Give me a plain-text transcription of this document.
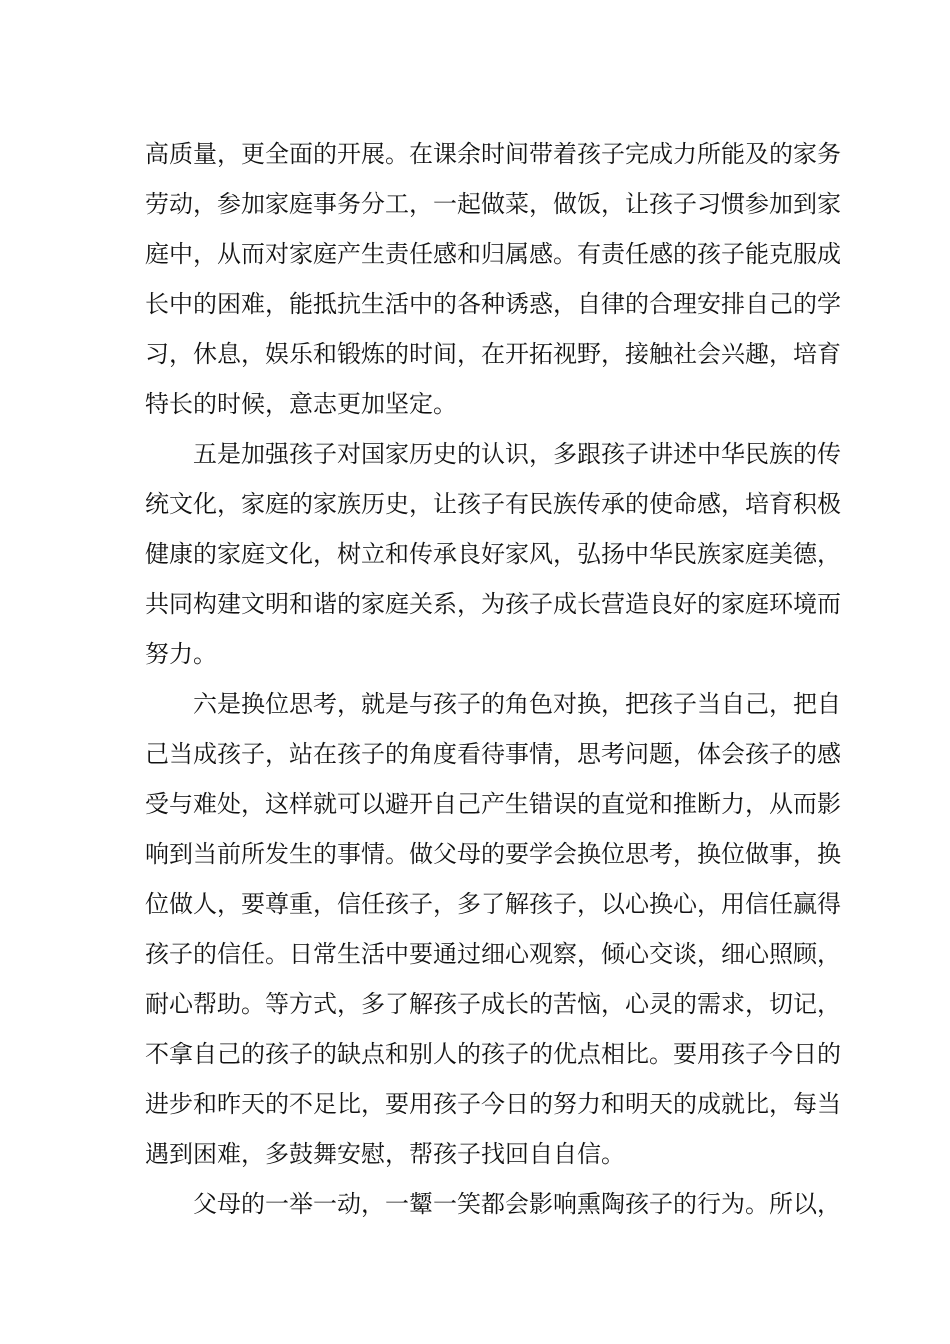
高质量，更全面的开展。在课余时间带着孩子完成力所能及的家务

劳动，参加家庭事务分工，一起做菜，做饭，让孩子习惯参加到家

庭中，从而对家庭产生责任感和归属感。有责任感的孩子能克服成

长中的困难，能抵抗生活中的各种诱惑，自律的合理安排自己的学

习，休息，娱乐和锻炼的时间，在开拓视野，接触社会兴趣，培育

特长的时候，意志更加坚定。

五是加强孩子对国家历史的认识，多跟孩子讲述中华民族的传

统文化，家庭的家族历史，让孩子有民族传承的使命感，培育积极

健康的家庭文化，树立和传承良好家风，弘扬中华民族家庭美德，

共同构建文明和谐的家庭关系，为孩子成长营造良好的家庭环境而

努力。

六是换位思考，就是与孩子的角色对换，把孩子当自己，把自

己当成孩子，站在孩子的角度看待事情，思考问题，体会孩子的感

受与难处，这样就可以避开自己产生错误的直觉和推断力，从而影

响到当前所发生的事情。做父母的要学会换位思考，换位做事，换

位做人，要尊重，信任孩子，多了解孩子，以心换心，用信任赢得

孩子的信任。日常生活中要通过细心观察，倾心交谈，细心照顾，

耐心帮助。等方式，多了解孩子成长的苦恼，心灵的需求，切记，

不拿自己的孩子的缺点和别人的孩子的优点相比。要用孩子今日的

进步和昨天的不足比，要用孩子今日的努力和明天的成就比，每当

遇到困难，多鼓舞安慰，帮孩子找回自自信。

父母的一举一动，一颦一笑都会影响熏陶孩子的行为。所以，
